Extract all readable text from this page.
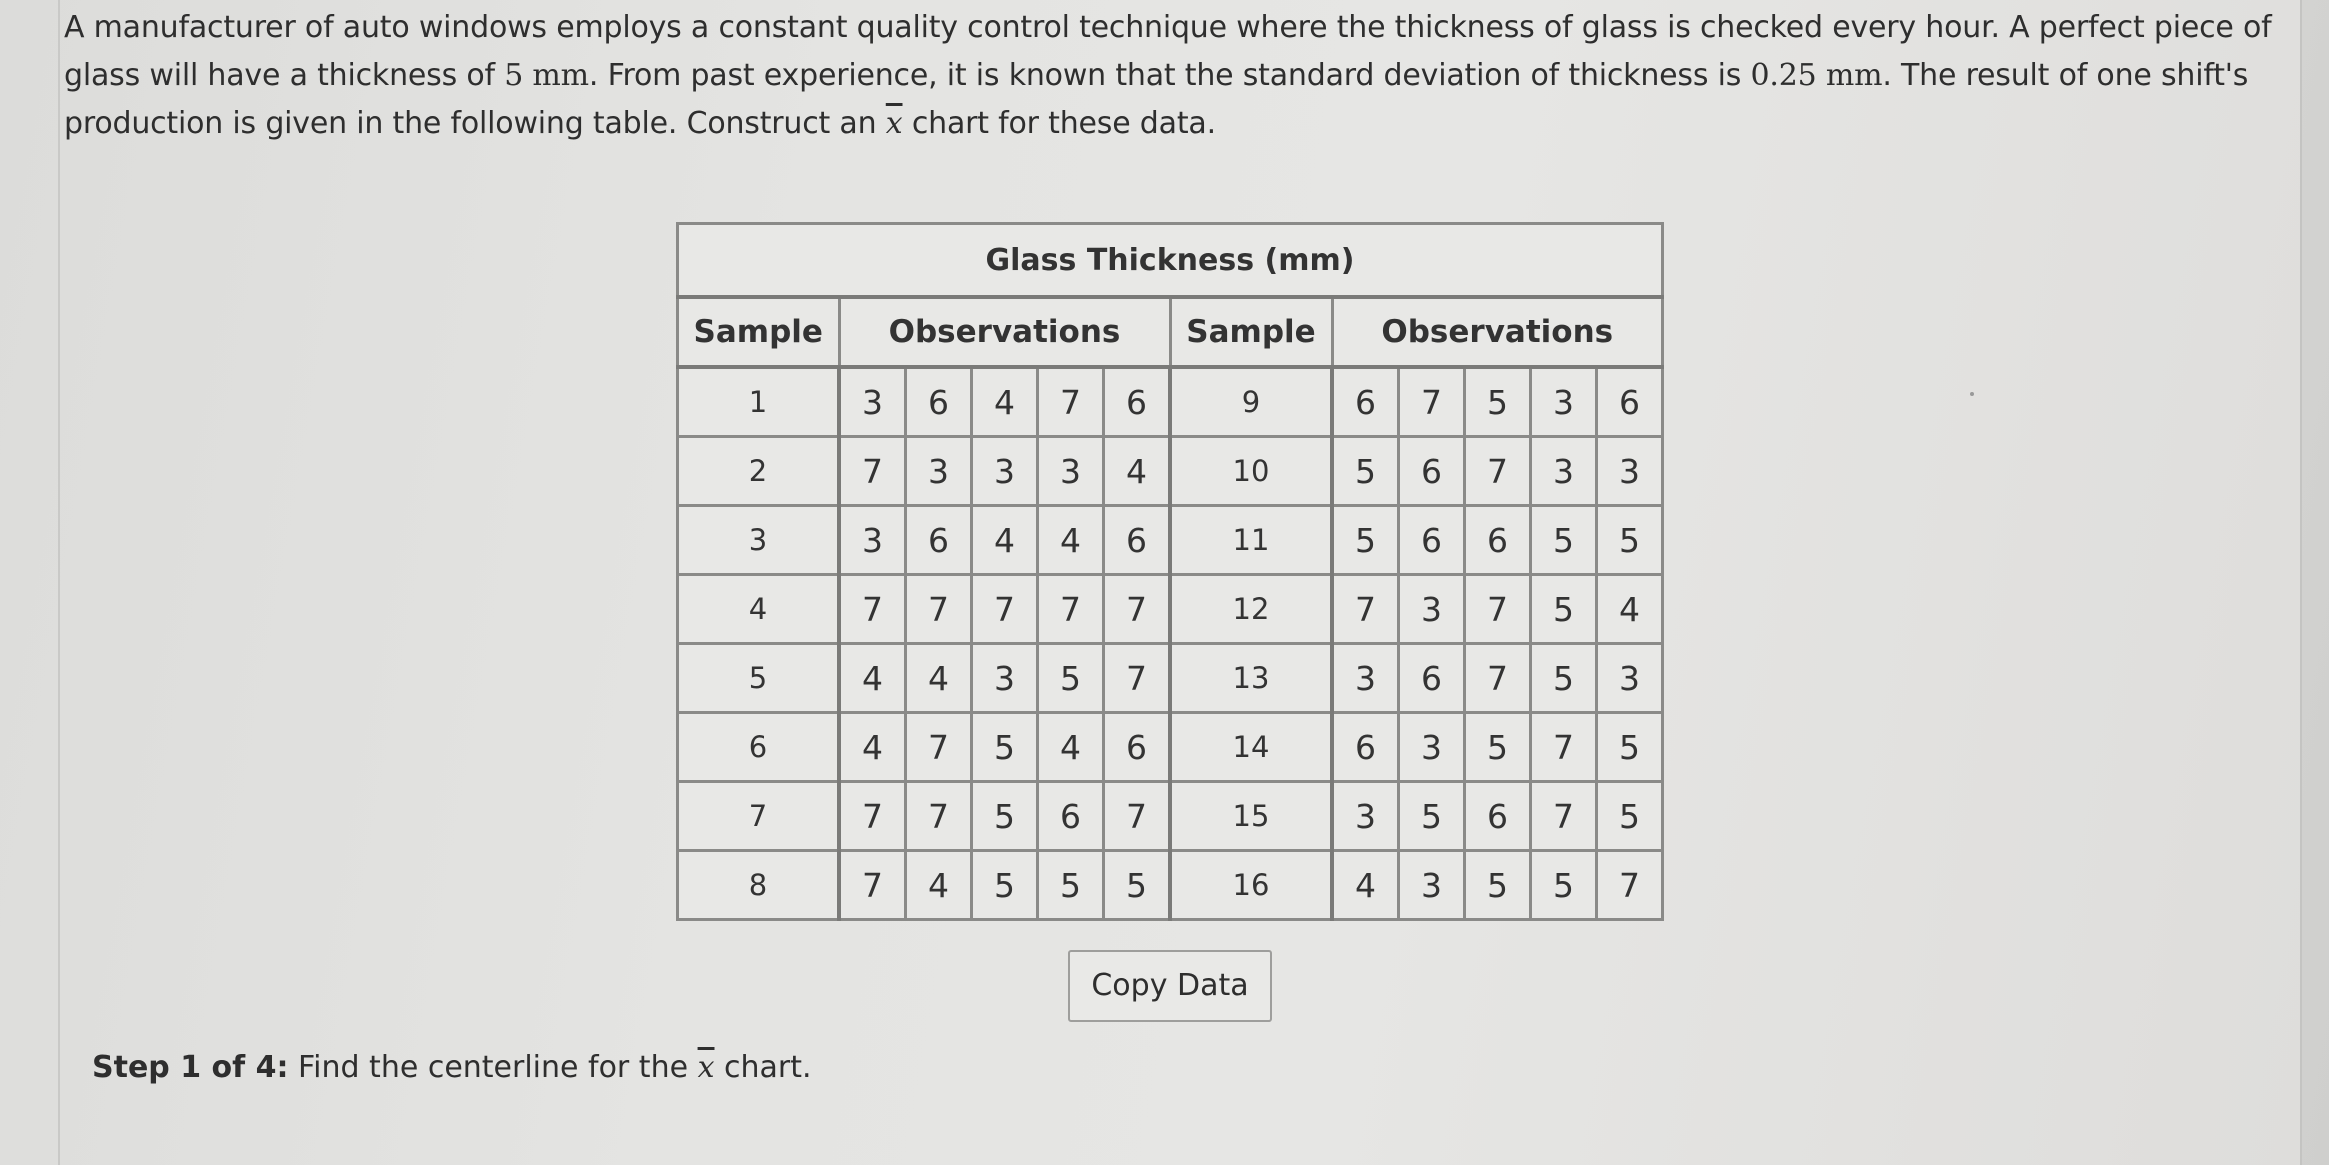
A manufacturer of auto windows employs a constant quality control technique where the thickness of glass is checked every hour. A perfect piece of glass will have a thickness of 5 mm. From past experience, it is known that the standard deviation of thickness is 0.25 mm. The result of one shift's production is given in the following table. Construct an $\overline{x}$ chart for these data.
Glass Thickness (mm)											
Sample	Observations					Sample	Observations				
1	3	6	4	7	6	9	6	7	5	3	6
2	7	3	3	3	4	10	5	6	7	3	3
3	3	6	4	4	6	11	5	6	6	5	5
4	7	7	7	7	7	12	7	3	7	5	4
5	4	4	3	5	7	13	3	6	7	5	3
6	4	7	5	4	6	14	6	3	5	7	5
7	7	7	5	6	7	15	3	5	6	7	5
8	7	4	5	5	5	16	4	3	5	5	7
Copy Data
Step 1 of 4: Find the centerline for the $\overline{x}$ chart.
